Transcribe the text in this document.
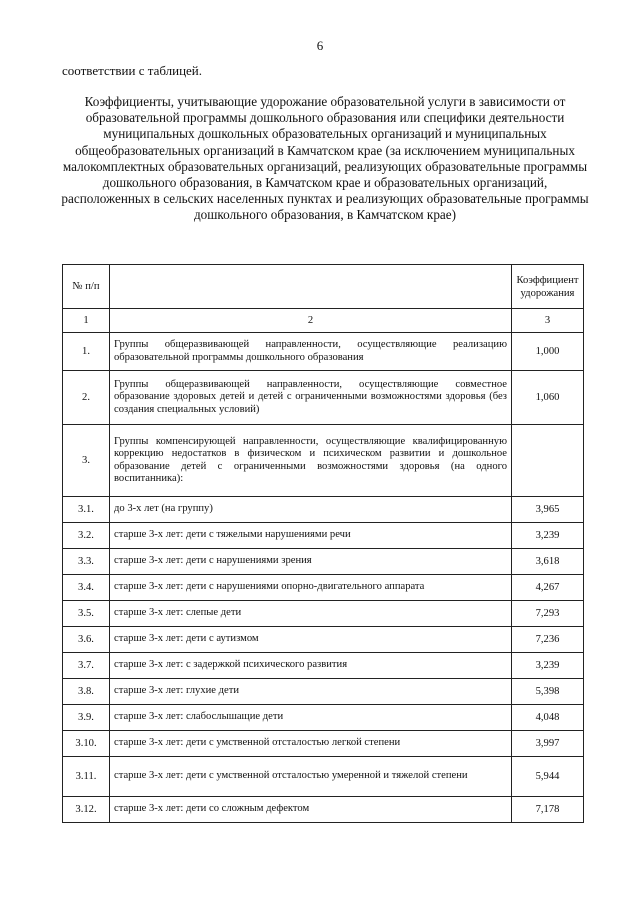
6
соответствии с таблицей.
Коэффициенты, учитывающие удорожание образовательной услуги в зависимости от образовательной программы дошкольного образования или специфики деятельности муниципальных дошкольных образовательных организаций и муниципальных общеобразовательных организаций в Камчатском крае (за исключением муниципальных малокомплектных образовательных организаций, реализующих образовательные программы дошкольного образования, в Камчатском крае и образовательных организаций, расположенных в сельских населенных пунктах и реализующих образовательные программы дошкольного образования, в Камчатском крае)
№ п/п		Коэффициент удорожания
1	2	3
1.	Группы общеразвивающей направленности, осуществляющие реализацию образовательной программы дошкольного образования	1,000
2.	Группы общеразвивающей направленности, осуществляющие совместное образование здоровых детей и детей с ограниченными возможностями здоровья (без создания специальных условий)	1,060
3.	Группы компенсирующей направленности, осуществляющие квалифицированную коррекцию недостатков в физическом и психическом развитии и дошкольное образование детей с ограниченными возможностями здоровья (на одного воспитанника):	
3.1.	до 3-х лет (на группу)	3,965
3.2.	старше 3-х лет: дети с тяжелыми нарушениями речи	3,239
3.3.	старше 3-х лет: дети с нарушениями зрения	3,618
3.4.	старше 3-х лет: дети с нарушениями опорно-двигательного аппарата	4,267
3.5.	старше 3-х лет: слепые дети	7,293
3.6.	старше 3-х лет: дети с аутизмом	7,236
3.7.	старше 3-х лет: с задержкой психического развития	3,239
3.8.	старше 3-х лет: глухие дети	5,398
3.9.	старше 3-х лет: слабослышащие дети	4,048
3.10.	старше 3-х лет: дети с умственной отсталостью легкой степени	3,997
3.11.	старше 3-х лет: дети с умственной отсталостью умеренной и тяжелой степени	5,944
3.12.	старше 3-х лет: дети со сложным дефектом	7,178
